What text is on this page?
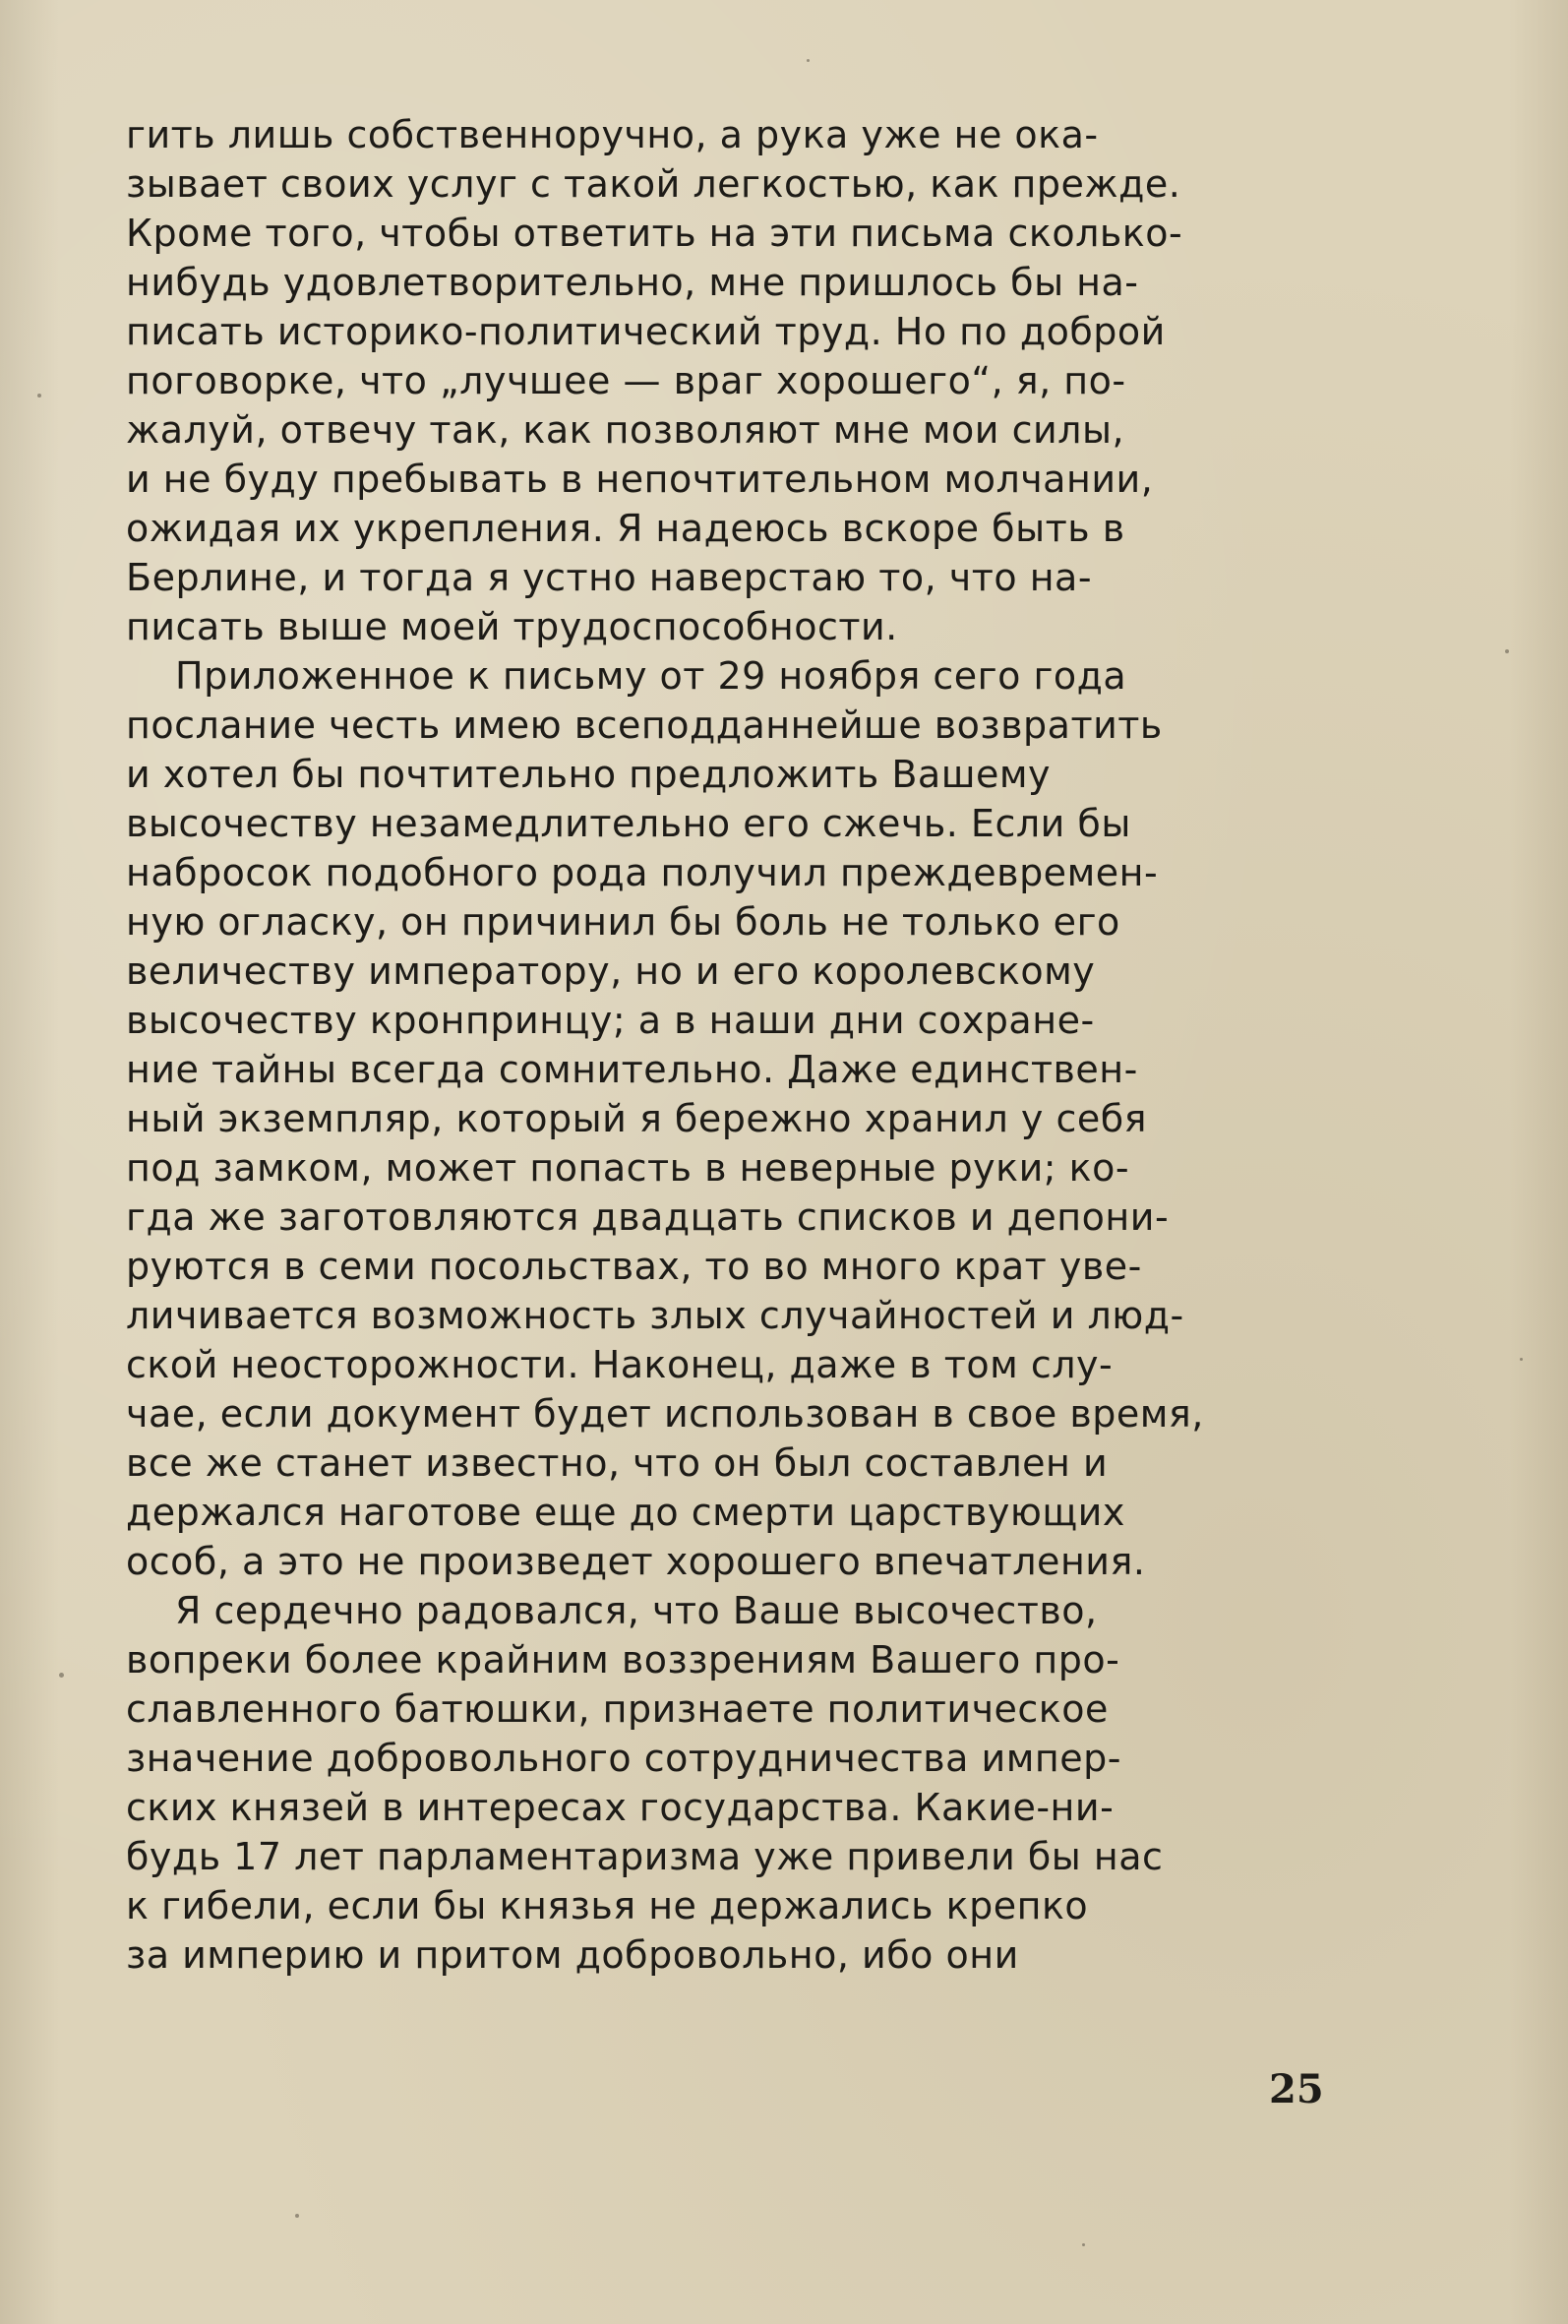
гить лишь собственноручно, а рука уже не ока-
зывает своих услуг с такой легкостью, как прежде.
Кроме того, чтобы ответить на эти письма сколько-
нибудь удовлетворительно, мне пришлось бы на-
писать историко-политический труд. Но по доброй
поговорке, что „лучшее — враг хорошего“, я, по-
жалуй, отвечу так, как позволяют мне мои силы,
и не буду пребывать в непочтительном молчании,
ожидая их укрепления. Я надеюсь вскоре быть в
Берлине, и тогда я устно наверстаю то, что на-
писать выше моей трудоспособности.

Приложенное к письму от 29 ноября сего года
послание честь имею всеподданнейше возвратить
и хотел бы почтительно предложить Вашему
высочеству незамедлительно его сжечь. Если бы
набросок подобного рода получил преждевремен-
ную огласку, он причинил бы боль не только его
величеству императору, но и его королевскому
высочеству кронпринцу; а в наши дни сохране-
ние тайны всегда сомнительно. Даже единствен-
ный экземпляр, который я бережно хранил у себя
под замком, может попасть в неверные руки; ко-
гда же заготовляются двадцать списков и депони-
руются в семи посольствах, то во много крат уве-
личивается возможность злых случайностей и люд-
ской неосторожности. Наконец, даже в том слу-
чае, если документ будет использован в свое время,
все же станет известно, что он был составлен и
держался наготове еще до смерти царствующих
особ, а это не произведет хорошего впечатления.

Я сердечно радовался, что Ваше высочество,
вопреки более крайним воззрениям Вашего про-
славленного батюшки, признаете политическое
значение добровольного сотрудничества импер-
ских князей в интересах государства. Какие-ни-
будь 17 лет парламентаризма уже привели бы нас
к гибели, если бы князья не держались крепко
за империю и притом добровольно, ибо они

25
